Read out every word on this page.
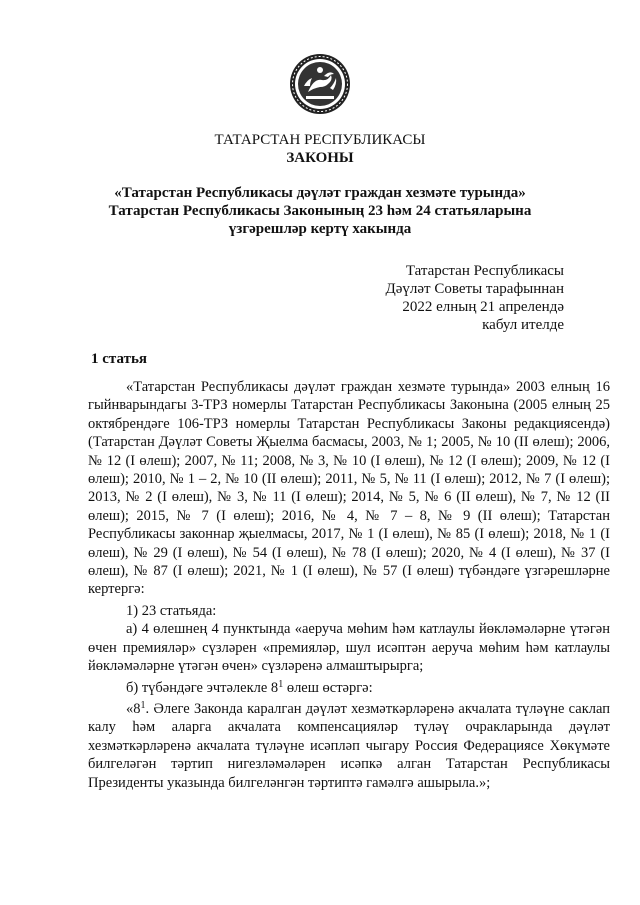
ТАТАРСТАН РЕСПУБЛИКАСЫ
ЗАКОНЫ
«Татарстан Республикасы дәүләт граждан хезмәте турында»
Татарстан Республикасы Законының 23 һәм 24 статьяларына
үзгәрешләр кертү хакында
Татарстан Республикасы
Дәүләт Советы тарафыннан
2022 елның 21 апрелендә
кабул ителде
1 статья
«Татарстан Республикасы дәүләт граждан хезмәте турында» 2003 елның 16 гыйнварындагы 3-ТРЗ номерлы Татарстан Республикасы Законына (2005 елның 25 октябрендәге 106-ТРЗ номерлы Татарстан Республикасы Законы редакциясендә) (Татарстан Дәүләт Советы Җыелма басмасы, 2003, № 1; 2005, № 10 (II өлеш); 2006, № 12 (I өлеш); 2007, № 11; 2008, № 3, № 10 (I өлеш), № 12 (I өлеш); 2009, № 12 (I өлеш); 2010, № 1 – 2, № 10 (II өлеш); 2011, № 5, № 11 (I өлеш); 2012, № 7 (I өлеш); 2013, № 2 (I өлеш), № 3, № 11 (I өлеш); 2014, № 5, № 6 (II өлеш), № 7, № 12 (II өлеш); 2015, № 7 (I өлеш); 2016, № 4, № 7 – 8, № 9 (II өлеш); Татарстан Республикасы законнар җыелмасы, 2017, № 1 (I өлеш), № 85 (I өлеш); 2018, № 1 (I өлеш), № 29 (I өлеш), № 54 (I өлеш), № 78 (I өлеш); 2020, № 4 (I өлеш), № 37 (I өлеш), № 87 (I өлеш); 2021, № 1 (I өлеш), № 57 (I өлеш) түбәндәге үзгәрешләрне кертергә:
1) 23 статьяда:
а) 4 өлешнең 4 пунктында «аеруча мөһим һәм катлаулы йөкләмәләрне үтәгән өчен премияләр» сүзләрен «премияләр, шул исәптән аеруча мөһим һәм катлаулы йөкләмәләрне үтәгән өчен» сүзләренә алмаштырырга;
б) түбәндәге эчтәлекле $8^1$ өлеш өстәргә:
«$8^1$. Әлеге Законда каралган дәүләт хезмәткәрләренә акчалата түләүне саклап калу һәм аларга акчалата компенсацияләр түләү очракларында дәүләт хезмәткәрләренә акчалата түләүне исәпләп чыгару Россия Федерациясе Хөкүмәте билгеләгән тәртип нигезләмәләрен исәпкә алган Татарстан Республикасы Президенты указында билгеләнгән тәртиптә гамәлгә ашырыла.»;
